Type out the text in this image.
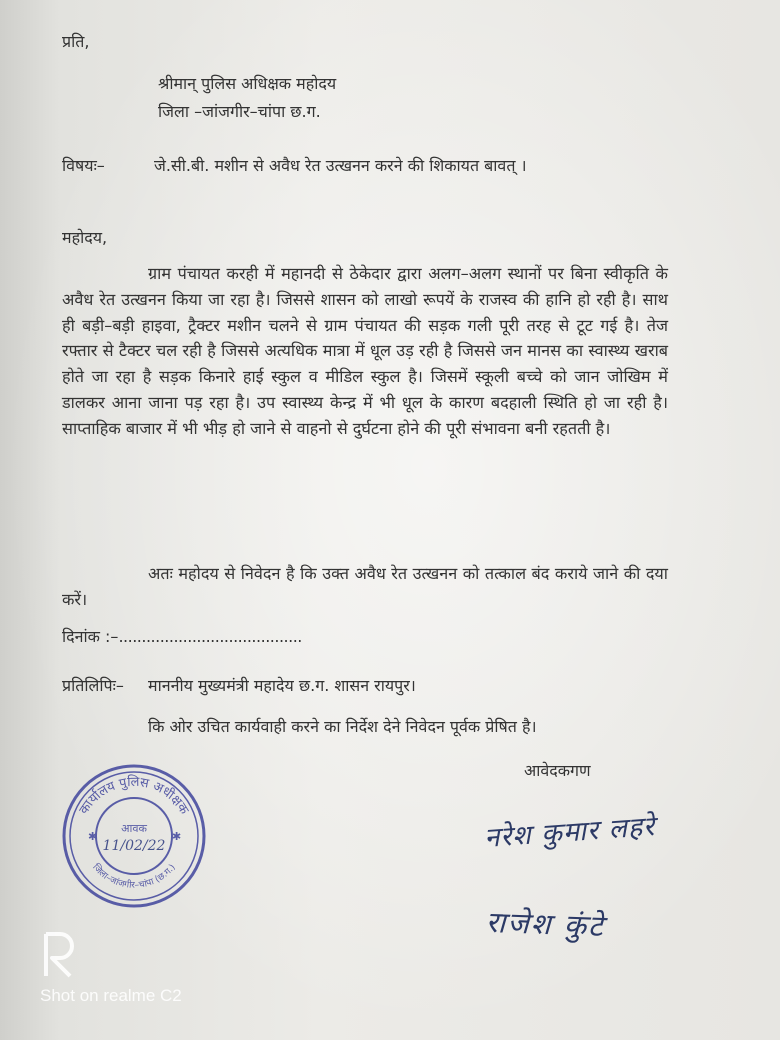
प्रति,
श्रीमान् पुलिस अधिक्षक महोदय
जिला –जांजगीर–चांपा छ.ग.
विषयः–	जे.सी.बी. मशीन से अवैध रेत उत्खनन करने की शिकायत बावत् ।
महोदय,

ग्राम पंचायत करही में महानदी से ठेकेदार द्वारा अलग–अलग स्थानों पर बिना स्वीकृति के अवैध रेत उत्खनन किया जा रहा है। जिससे शासन को लाखो रूपयें के राजस्व की हानि हो रही है। साथ ही बड़ी–बड़ी हाइवा, ट्रैक्टर मशीन चलने से ग्राम पंचायत की सड़क गली पूरी तरह से टूट गई है। तेज रफ्तार से टैक्टर चल रही है जिससे अत्यधिक मात्रा में धूल उड़ रही है जिससे जन मानस का स्वास्थ्य खराब होते जा रहा है सड़क किनारे हाई स्कुल व मीडिल स्कुल है। जिसमें स्कूली बच्चे को जान जोखिम में डालकर आना जाना पड़ रहा है। उप स्वास्थ्य केन्द्र में भी धूल के कारण बदहाली स्थिति हो जा रही है। साप्ताहिक बाजार में भी भीड़ हो जाने से वाहनो से दुर्घटना होने की पूरी संभावना बनी रहतती है।

अतः महोदय से निवेदन है कि उक्त अवैध रेत उत्खनन को तत्काल बंद कराये जाने की दया करें।

दिनांक :–........................................
प्रतिलिपिः– माननीय मुख्यमंत्री महादेय छ.ग. शासन रायपुर।
कि ओर उचित कार्यवाही करने का निर्देश देने निवेदन पूर्वक प्रेषित है।
आवेदकगण
नरेश कुमार लहरे
राजेश कुंटे
कार्यालय पुलिस अधीक्षक
जिला–जांजगीर–चांपा (छ.ग.)
✱	✱
आवक
11/02/22
Shot on realme C2
